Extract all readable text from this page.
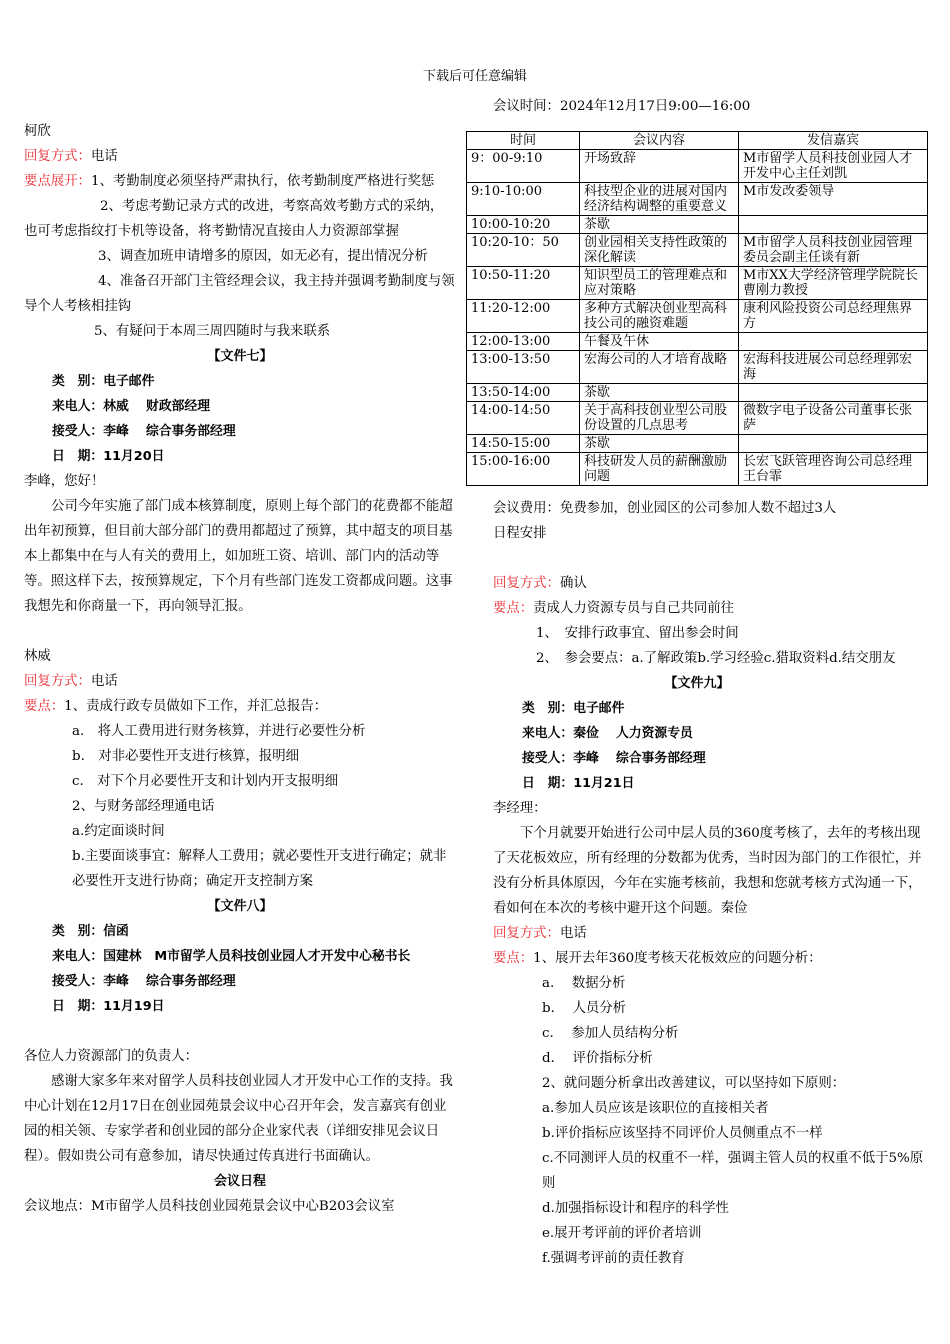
下载后可任意编辑

柯欣

回复方式：电话

要点展开：1、考勤制度必须坚持严肃执行，依考勤制度严格进行奖惩

2、考虑考勤记录方式的改进，考察高效考勤方式的采纳，也可考虑指纹打卡机等设备，将考勤情况直接由人力资源部掌握

3、调查加班申请增多的原因，如无必有，提出情况分析

4、准备召开部门主管经理会议，我主持并强调考勤制度与领导个人考核相挂钩

5、有疑问于本周三周四随时与我来联系

【文件七】

类　别：电子邮件

来电人：林威　 财政部经理

接受人：李峰　 综合事务部经理

日　期：11月20日

李峰，您好！

公司今年实施了部门成本核算制度，原则上每个部门的花费都不能超出年初预算，但目前大部分部门的费用都超过了预算，其中超支的项目基本上都集中在与人有关的费用上，如加班工资、培训、部门内的活动等等。照这样下去，按预算规定，下个月有些部门连发工资都成问题。这事我想先和你商量一下，再向领导汇报。

林威

回复方式：电话

要点：1、责成行政专员做如下工作，并汇总报告：

a.　将人工费用进行财务核算，并进行必要性分析

b.　对非必要性开支进行核算，报明细

c.　对下个月必要性开支和计划内开支报明细

2、与财务部经理通电话

a.约定面谈时间

b.主要面谈事宜：解释人工费用；就必要性开支进行确定；就非必要性开支进行协商；确定开支控制方案

【文件八】

类　别：信函

来电人：国建林　M市留学人员科技创业园人才开发中心秘书长

接受人：李峰　 综合事务部经理

日　期：11月19日

各位人力资源部门的负责人：

感谢大家多年来对留学人员科技创业园人才开发中心工作的支持。我中心计划在12月17日在创业园苑景会议中心召开年会，发言嘉宾有创业园的相关领、专家学者和创业园的部分企业家代表（详细安排见会议日程）。假如贵公司有意参加，请尽快通过传真进行书面确认。

会议日程

会议地点：M市留学人员科技创业园苑景会议中心B203会议室

会议时间：2024年12月17日9:00—16:00

时间	会议内容	发信嘉宾
9：00-9:10	开场致辞	M市留学人员科技创业园人才开发中心主任刘凯
9:10-10:00	科技型企业的进展对国内经济结构调整的重要意义	M市发改委领导
10:00-10:20	茶歇	
10:20-10：50	创业园相关支持性政策的深化解读	M市留学人员科技创业园管理委员会副主任谈有新
10:50-11:20	知识型员工的管理难点和应对策略	M市XX大学经济管理学院院长曹刚力教授
11:20-12:00	多种方式解决创业型高科技公司的融资难题	康利风险投资公司总经理焦界方
12:00-13:00	午餐及午休	
13:00-13:50	宏海公司的人才培育战略	宏海科技进展公司总经理郭宏海
13:50-14:00	茶歇	
14:00-14:50	关于高科技创业型公司股份设置的几点思考	微数字电子设备公司董事长张萨
14:50-15:00	茶歇	
15:00-16:00	科技研发人员的薪酬激励问题	长宏飞跃管理咨询公司总经理王台霏

会议费用：免费参加，创业园区的公司参加人数不超过3人

日程安排

回复方式：确认

要点：责成人力资源专员与自己共同前往

1、　安排行政事宜、留出参会时间

2、　参会要点：a.了解政策b.学习经验c.猎取资料d.结交朋友

【文件九】

类　别：电子邮件

来电人：秦俭　 人力资源专员

接受人：李峰　 综合事务部经理

日　期：11月21日

李经理：

下个月就要开始进行公司中层人员的360度考核了，去年的考核出现了天花板效应，所有经理的分数都为优秀，当时因为部门的工作很忙，并没有分析具体原因，今年在实施考核前，我想和您就考核方式沟通一下，看如何在本次的考核中避开这个问题。秦俭

回复方式：电话

要点：1、展开去年360度考核天花板效应的问题分析：

a.　 数据分析

b.　 人员分析

c.　 参加人员结构分析

d.　 评价指标分析

2、就问题分析拿出改善建议，可以坚持如下原则：

a.参加人员应该是该职位的直接相关者

b.评价指标应该坚持不同评价人员侧重点不一样

c.不同测评人员的权重不一样，强调主管人员的权重不低于5%原则

d.加强指标设计和程序的科学性

e.展开考评前的评价者培训

f.强调考评前的责任教育
